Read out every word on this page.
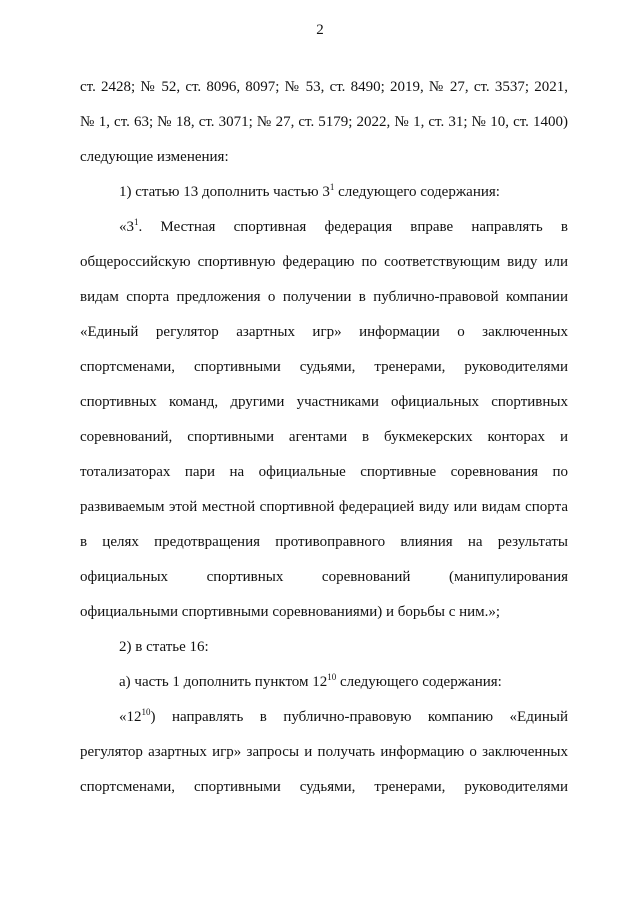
2
ст. 2428; № 52, ст. 8096, 8097; № 53, ст. 8490; 2019, № 27, ст. 3537; 2021,
№ 1, ст. 63; № 18, ст. 3071; № 27, ст. 5179; 2022, № 1, ст. 31; № 10, ст. 1400)
следующие изменения:
1) статью 13 дополнить частью $3^1$ следующего содержания:
«$3^1$. Местная спортивная федерация вправе направлять в
общероссийскую спортивную федерацию по соответствующим виду или
видам спорта предложения о получении в публично-правовой компании
«Единый регулятор азартных игр» информации о заключенных
спортсменами, спортивными судьями, тренерами, руководителями
спортивных команд, другими участниками официальных спортивных
соревнований, спортивными агентами в букмекерских конторах и
тотализаторах пари на официальные спортивные соревнования по
развиваемым этой местной спортивной федерацией виду или видам спорта
в целях предотвращения противоправного влияния на результаты
официальных спортивных соревнований (манипулирования
официальными спортивными соревнованиями) и борьбы с ним.»;
2) в статье 16:
а) часть 1 дополнить пунктом $12^{10}$ следующего содержания:
«$12^{10}$) направлять в публично-правовую компанию «Единый
регулятор азартных игр» запросы и получать информацию о заключенных
спортсменами, спортивными судьями, тренерами, руководителями
